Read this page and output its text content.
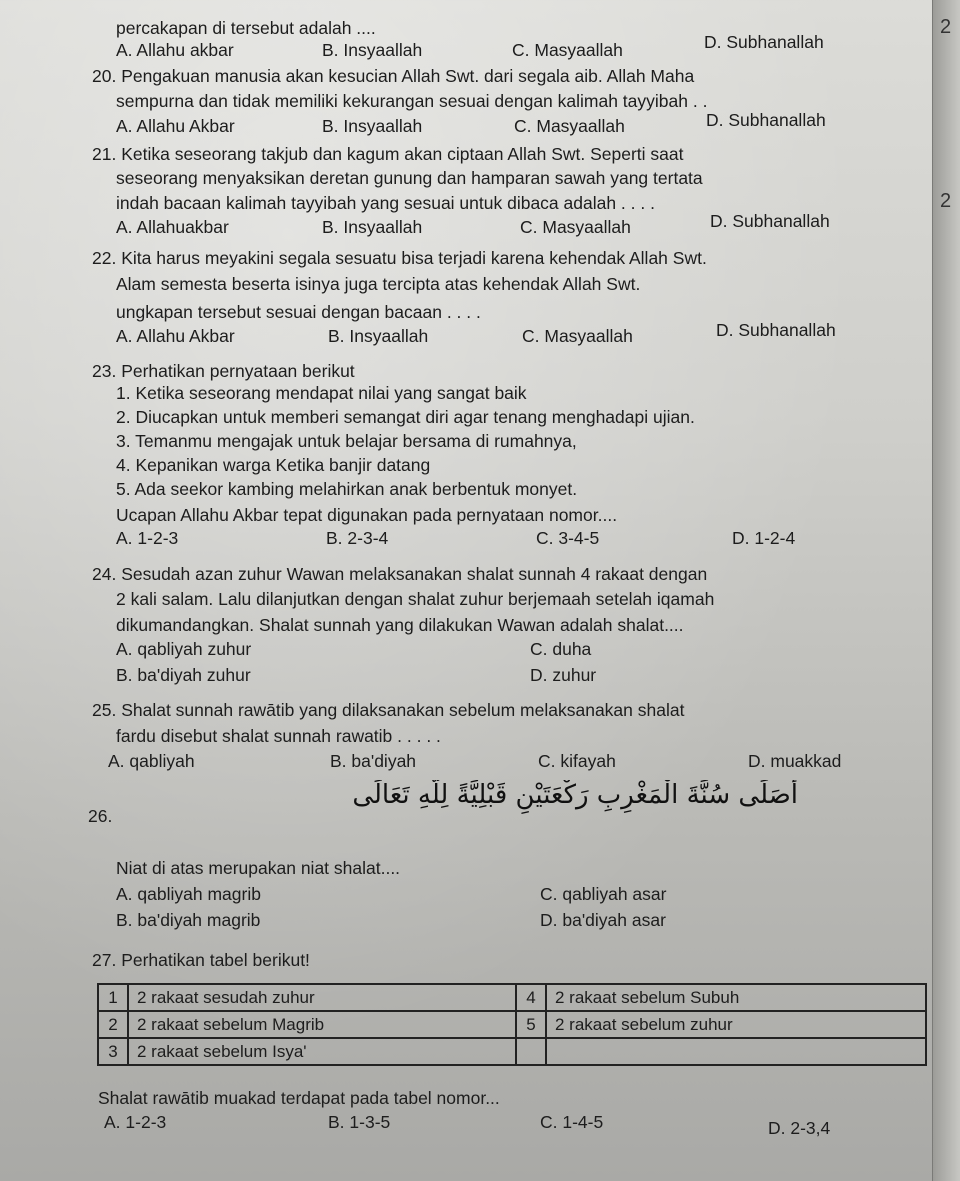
2
2
percakapan di tersebut adalah ....
A. Allahu akbar	B. Insyaallah	C. Masyaallah	D. Subhanallah
20. Pengakuan manusia akan kesucian Allah Swt. dari segala aib. Allah Maha
sempurna dan tidak memiliki kekurangan sesuai dengan kalimah tayyibah . .
A. Allahu Akbar	B. Insyaallah	C. Masyaallah	D. Subhanallah
21. Ketika seseorang takjub dan kagum akan ciptaan Allah Swt. Seperti saat
seseorang menyaksikan deretan gunung dan hamparan sawah yang tertata
indah bacaan kalimah tayyibah yang sesuai untuk dibaca adalah . . . .
A. Allahuakbar	B. Insyaallah	C. Masyaallah	D. Subhanallah
22. Kita harus meyakini segala sesuatu bisa terjadi karena kehendak Allah Swt.
Alam semesta beserta isinya juga tercipta atas kehendak Allah Swt.
ungkapan tersebut sesuai dengan bacaan . . . .
A. Allahu Akbar	B. Insyaallah	C. Masyaallah	D. Subhanallah
23. Perhatikan pernyataan berikut
1. Ketika seseorang mendapat nilai yang sangat baik
2. Diucapkan untuk memberi semangat diri agar tenang menghadapi ujian.
3. Temanmu mengajak untuk belajar bersama di rumahnya,
4. Kepanikan warga Ketika banjir datang
5. Ada seekor kambing melahirkan anak berbentuk monyet.
Ucapan Allahu Akbar tepat digunakan pada pernyataan nomor....
A. 1-2-3	B. 2-3-4	C. 3-4-5	D. 1-2-4
24. Sesudah azan zuhur Wawan melaksanakan shalat sunnah 4 rakaat dengan
2 kali salam. Lalu dilanjutkan dengan shalat zuhur berjemaah setelah iqamah
dikumandangkan. Shalat sunnah yang dilakukan Wawan adalah shalat....
A. qabliyah zuhur	C. duha
B. ba'diyah zuhur	D. zuhur
25. Shalat sunnah rawātib yang dilaksanakan sebelum melaksanakan shalat
fardu disebut shalat sunnah rawatib . . . . .
A. qabliyah	B. ba'diyah	C. kifayah	D. muakkad
26.
أُصَلِّى سُنَّةَ الْمَغْرِبِ رَكْعَتَيْنِ قَبْلِيَّةً لِلَّهِ تَعَالَى
Niat di atas merupakan niat shalat....
A. qabliyah magrib	C. qabliyah asar
B. ba'diyah magrib	D. ba'diyah asar
27. Perhatikan tabel berikut!
1	2 rakaat sesudah zuhur	4	2 rakaat sebelum Subuh
2	2 rakaat sebelum Magrib	5	2 rakaat sebelum zuhur
3	2 rakaat sebelum Isya'		
Shalat rawātib muakad terdapat pada tabel nomor...
A. 1-2-3	B. 1-3-5	C. 1-4-5	D. 2-3,4
